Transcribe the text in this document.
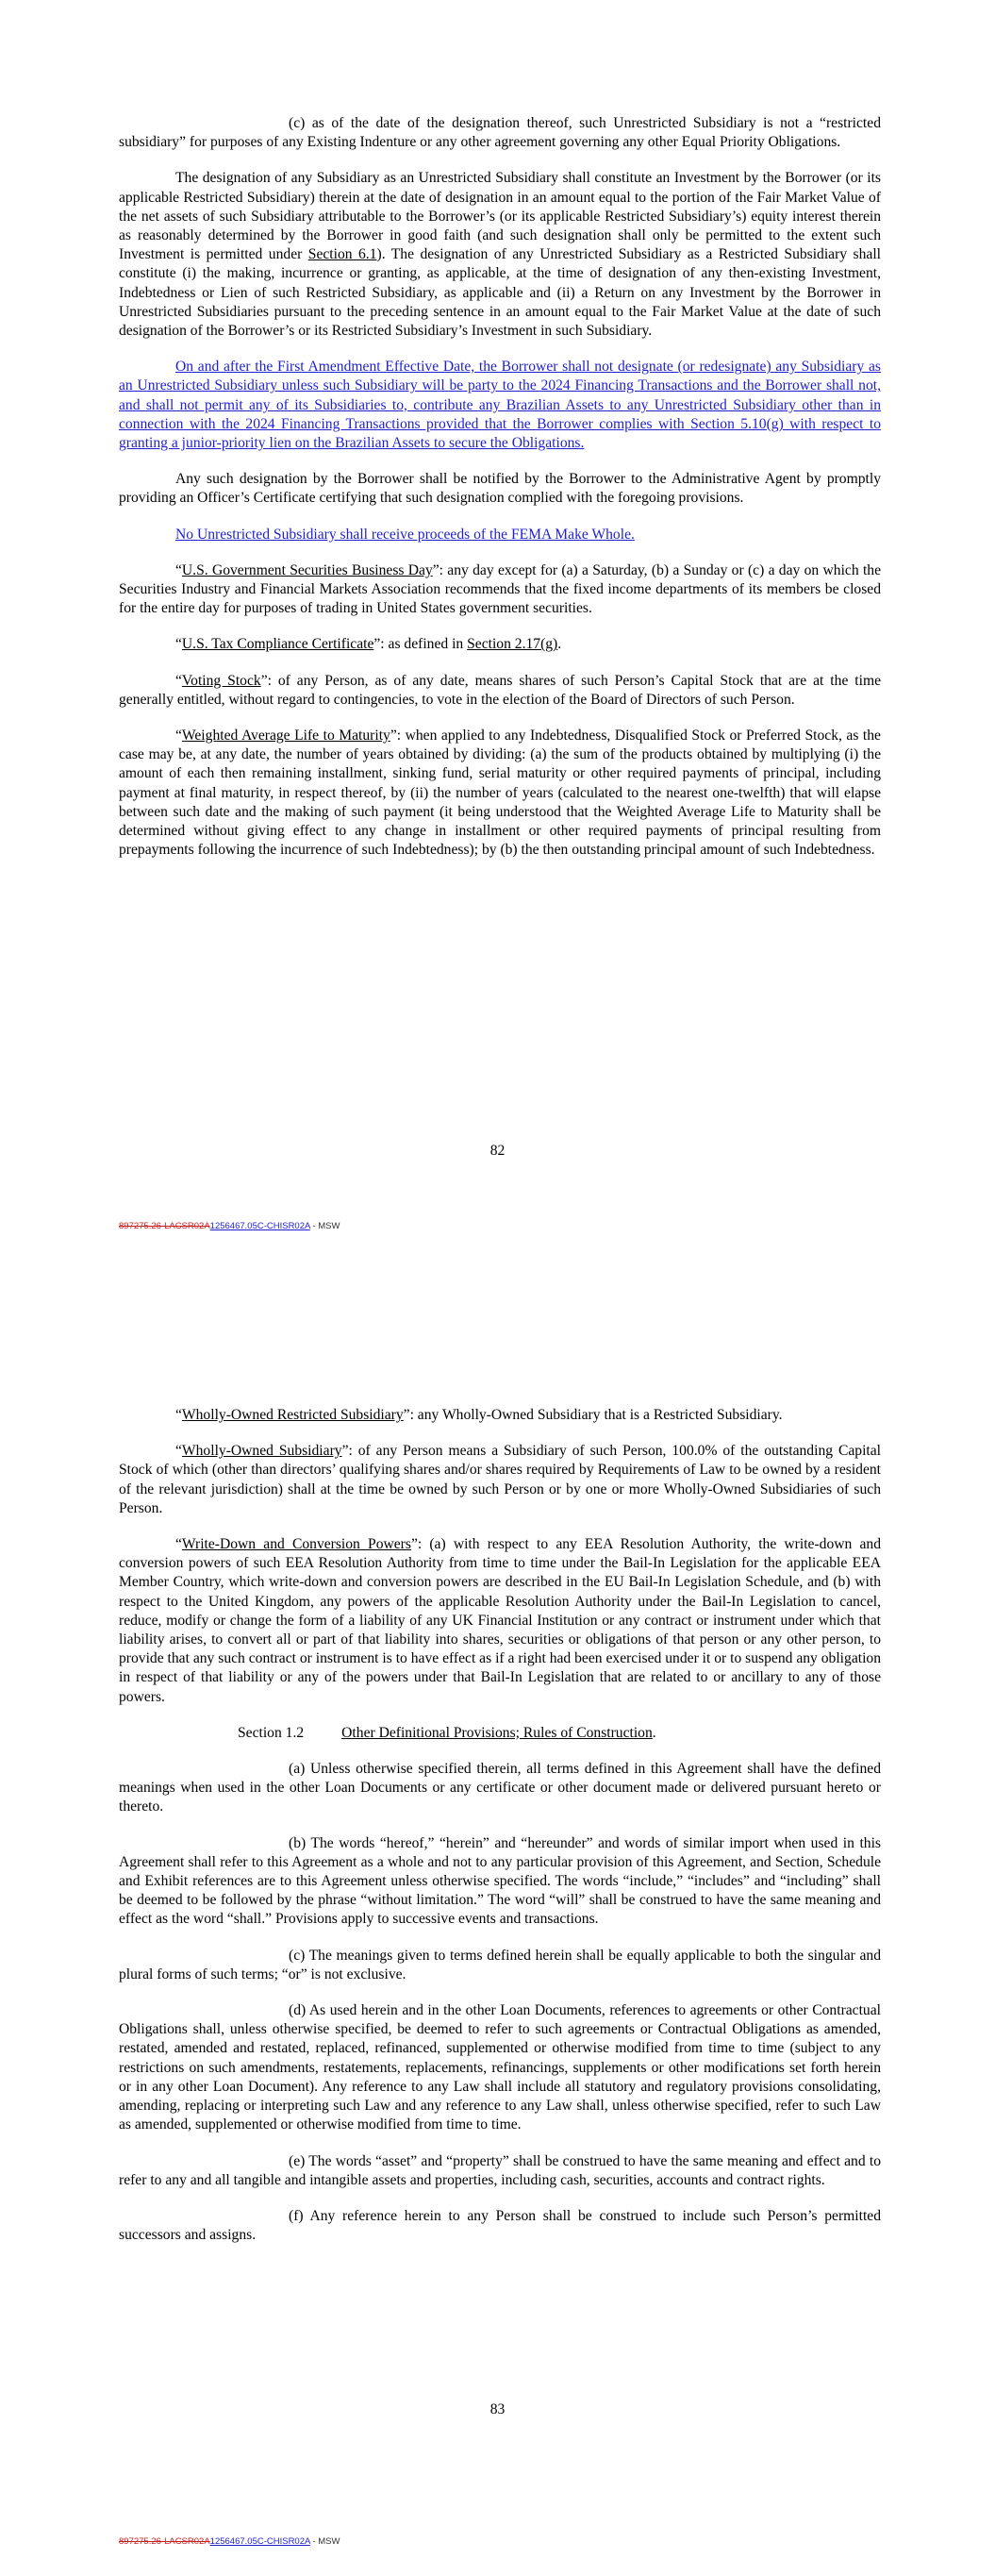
(c) as of the date of the designation thereof, such Unrestricted Subsidiary is not a “restricted subsidiary” for purposes of any Existing Indenture or any other agreement governing any other Equal Priority Obligations.

The designation of any Subsidiary as an Unrestricted Subsidiary shall constitute an Investment by the Borrower (or its applicable Restricted Subsidiary) therein at the date of designation in an amount equal to the portion of the Fair Market Value of the net assets of such Subsidiary attributable to the Borrower’s (or its applicable Restricted Subsidiary’s) equity interest therein as reasonably determined by the Borrower in good faith (and such designation shall only be permitted to the extent such Investment is permitted under Section 6.1). The designation of any Unrestricted Subsidiary as a Restricted Subsidiary shall constitute (i) the making, incurrence or granting, as applicable, at the time of designation of any then-existing Investment, Indebtedness or Lien of such Restricted Subsidiary, as applicable and (ii) a Return on any Investment by the Borrower in Unrestricted Subsidiaries pursuant to the preceding sentence in an amount equal to the Fair Market Value at the date of such designation of the Borrower’s or its Restricted Subsidiary’s Investment in such Subsidiary.

On and after the First Amendment Effective Date, the Borrower shall not designate (or redesignate) any Subsidiary as an Unrestricted Subsidiary unless such Subsidiary will be party to the 2024 Financing Transactions and the Borrower shall not, and shall not permit any of its Subsidiaries to, contribute any Brazilian Assets to any Unrestricted Subsidiary other than in connection with the 2024 Financing Transactions provided that the Borrower complies with Section 5.10(g) with respect to granting a junior-priority lien on the Brazilian Assets to secure the Obligations.

Any such designation by the Borrower shall be notified by the Borrower to the Administrative Agent by promptly providing an Officer’s Certificate certifying that such designation complied with the foregoing provisions.

No Unrestricted Subsidiary shall receive proceeds of the FEMA Make Whole.

“U.S. Government Securities Business Day”: any day except for (a) a Saturday, (b) a Sunday or (c) a day on which the Securities Industry and Financial Markets Association recommends that the fixed income departments of its members be closed for the entire day for purposes of trading in United States government securities.

“U.S. Tax Compliance Certificate”: as defined in Section 2.17(g).

“Voting Stock”: of any Person, as of any date, means shares of such Person’s Capital Stock that are at the time generally entitled, without regard to contingencies, to vote in the election of the Board of Directors of such Person.

“Weighted Average Life to Maturity”: when applied to any Indebtedness, Disqualified Stock or Preferred Stock, as the case may be, at any date, the number of years obtained by dividing: (a) the sum of the products obtained by multiplying (i) the amount of each then remaining installment, sinking fund, serial maturity or other required payments of principal, including payment at final maturity, in respect thereof, by (ii) the number of years (calculated to the nearest one-twelfth) that will elapse between such date and the making of such payment (it being understood that the Weighted Average Life to Maturity shall be determined without giving effect to any change in installment or other required payments of principal resulting from prepayments following the incurrence of such Indebtedness); by (b) the then outstanding principal amount of such Indebtedness.

82
897275.26-LACSR02A1256467.05C-CHISR02A - MSW

“Wholly-Owned Restricted Subsidiary”: any Wholly-Owned Subsidiary that is a Restricted Subsidiary.

“Wholly-Owned Subsidiary”: of any Person means a Subsidiary of such Person, 100.0% of the outstanding Capital Stock of which (other than directors’ qualifying shares and/or shares required by Requirements of Law to be owned by a resident of the relevant jurisdiction) shall at the time be owned by such Person or by one or more Wholly-Owned Subsidiaries of such Person.

“Write-Down and Conversion Powers”: (a) with respect to any EEA Resolution Authority, the write-down and conversion powers of such EEA Resolution Authority from time to time under the Bail-In Legislation for the applicable EEA Member Country, which write-down and conversion powers are described in the EU Bail-In Legislation Schedule, and (b) with respect to the United Kingdom, any powers of the applicable Resolution Authority under the Bail-In Legislation to cancel, reduce, modify or change the form of a liability of any UK Financial Institution or any contract or instrument under which that liability arises, to convert all or part of that liability into shares, securities or obligations of that person or any other person, to provide that any such contract or instrument is to have effect as if a right had been exercised under it or to suspend any obligation in respect of that liability or any of the powers under that Bail-In Legislation that are related to or ancillary to any of those powers.

Section 1.2	Other Definitional Provisions; Rules of Construction.

(a) Unless otherwise specified therein, all terms defined in this Agreement shall have the defined meanings when used in the other Loan Documents or any certificate or other document made or delivered pursuant hereto or thereto.

(b) The words “hereof,” “herein” and “hereunder” and words of similar import when used in this Agreement shall refer to this Agreement as a whole and not to any particular provision of this Agreement, and Section, Schedule and Exhibit references are to this Agreement unless otherwise specified. The words “include,” “includes” and “including” shall be deemed to be followed by the phrase “without limitation.” The word “will” shall be construed to have the same meaning and effect as the word “shall.” Provisions apply to successive events and transactions.

(c) The meanings given to terms defined herein shall be equally applicable to both the singular and plural forms of such terms; “or” is not exclusive.

(d) As used herein and in the other Loan Documents, references to agreements or other Contractual Obligations shall, unless otherwise specified, be deemed to refer to such agreements or Contractual Obligations as amended, restated, amended and restated, replaced, refinanced, supplemented or otherwise modified from time to time (subject to any restrictions on such amendments, restatements, replacements, refinancings, supplements or other modifications set forth herein or in any other Loan Document). Any reference to any Law shall include all statutory and regulatory provisions consolidating, amending, replacing or interpreting such Law and any reference to any Law shall, unless otherwise specified, refer to such Law as amended, supplemented or otherwise modified from time to time.

(e) The words “asset” and “property” shall be construed to have the same meaning and effect and to refer to any and all tangible and intangible assets and properties, including cash, securities, accounts and contract rights.

(f) Any reference herein to any Person shall be construed to include such Person’s permitted successors and assigns.

83
897275.26-LACSR02A1256467.05C-CHISR02A - MSW
